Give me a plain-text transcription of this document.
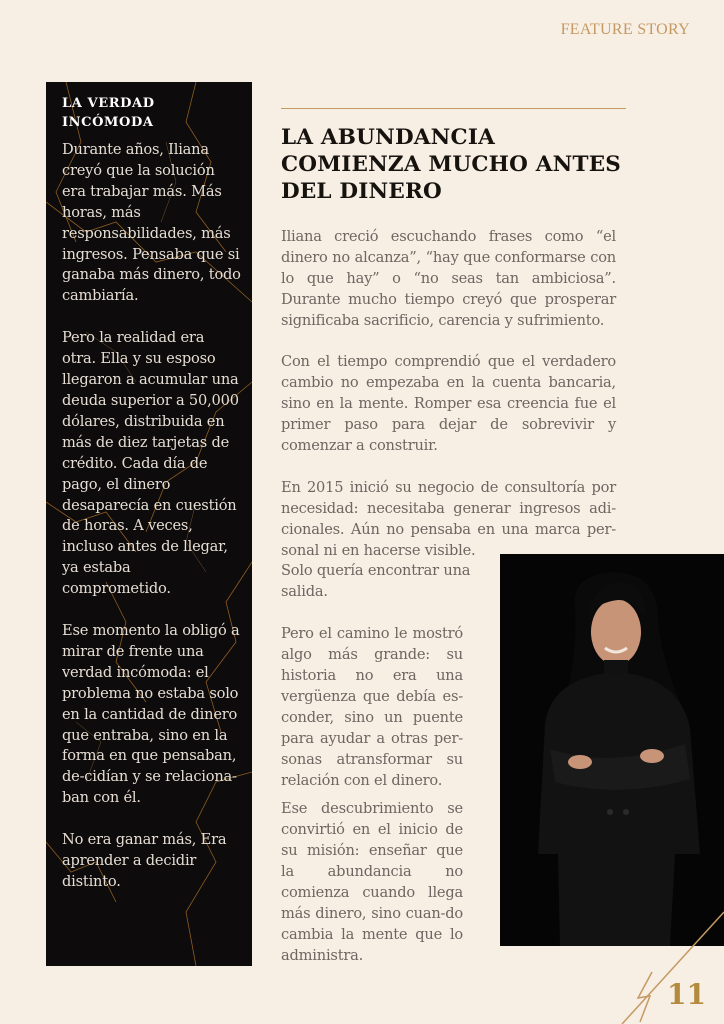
FEATURE STORY
LA VERDAD
INCÓMODA

Durante años, Iliana creyó que la solución era trabajar más. Más horas, más responsabilidades, más ingresos. Pensaba que si ganaba más dinero, todo cambiaría.

Pero la realidad era otra. Ella y su esposo llegaron a acumular una deuda superior a 50,000 dólares, distribuida en más de diez tarjetas de crédito. Cada día de pago, el dinero desaparecía en cuestión de horas. A veces, incluso antes de llegar, ya estaba comprometido.

Ese momento la obligó a mirar de frente una verdad incómoda: el problema no estaba solo en la cantidad de dinero que entraba, sino en la forma en que pensaban, de-cidían y se relaciona-ban con él.

No era ganar más, Era aprender a decidir distinto.

LA ABUNDANCIA
COMIENZA MUCHO ANTES
DEL DINERO

Iliana creció escuchando frases como “el dinero no alcanza”, “hay que conformarse con lo que hay” o “no seas tan ambiciosa”. Durante mucho tiempo creyó que prosperar significaba sacrificio, carencia y sufrimiento.

Con el tiempo comprendió que el verdadero cambio no empezaba en la cuenta bancaria, sino en la mente. Romper esa creencia fue el primer paso para dejar de sobrevivir y comenzar a construir.

En 2015 inició su negocio de consultoría por necesidad: necesitaba generar ingresos adi-cionales. Aún no pensaba en una marca per-sonal ni en hacerse visible.

Solo quería encontrar una salida.

Pero el camino le mostró algo más grande: su historia no era una vergüenza que debía es-conder, sino un puente para ayudar a otras per-sonas atransformar su relación con el dinero.

Ese descubrimiento se convirtió en el inicio de su misión: enseñar que la abundancia no comienza cuando llega más dinero, sino cuan-do cambia la mente que lo administra.

11
